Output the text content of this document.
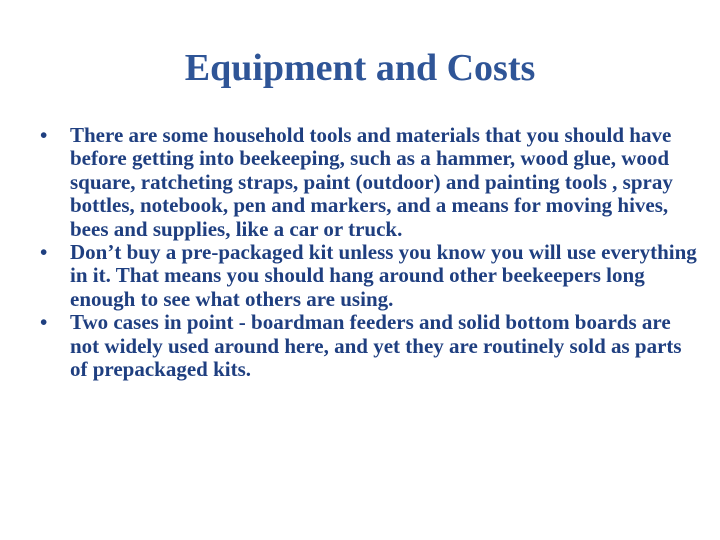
Equipment and Costs
• There are some household tools and materials that you should have before getting into beekeeping, such as a hammer, wood glue, wood square, ratcheting straps, paint (outdoor) and painting tools , spray bottles, notebook, pen and markers, and a means for moving hives, bees and supplies, like a car or truck.
• Don’t buy a pre-packaged kit unless you know you will use everything in it. That means you should hang around other beekeepers long enough to see what others are using.
• Two cases in point - boardman feeders and solid bottom boards are not widely used around here, and yet they are routinely sold as parts of prepackaged kits.
